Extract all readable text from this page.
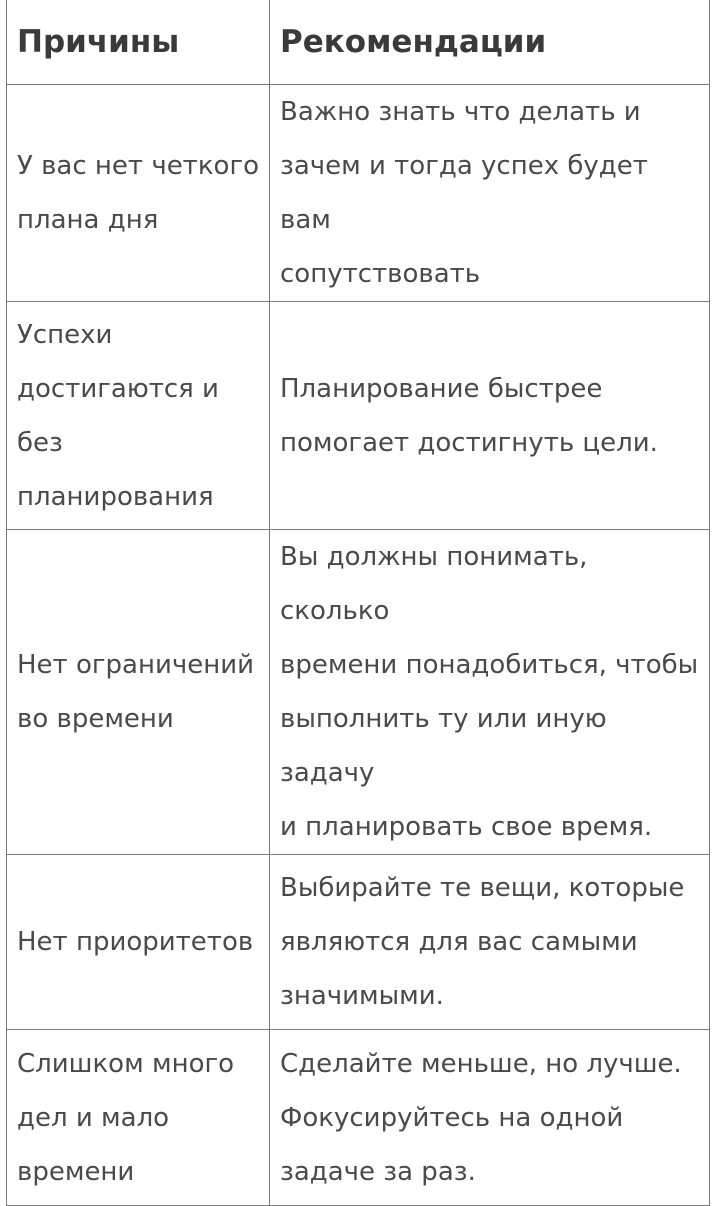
Причины	Рекомендации

У вас нет четкого
плана дня	Важно знать что делать и
зачем и тогда успех будет вам
сопутствовать

Успехи
достигаются и
без
планирования	Планирование быстрее
помогает достигнуть цели.

Нет ограничений
во времени	Вы должны понимать, сколько
времени понадобиться, чтобы
выполнить ту или иную задачу
и планировать свое время.

Нет приоритетов	Выбирайте те вещи, которые
являются для вас самыми
значимыми.

Слишком много
дел и мало
времени	Сделайте меньше, но лучше.
Фокусируйтесь на одной
задаче за раз.
